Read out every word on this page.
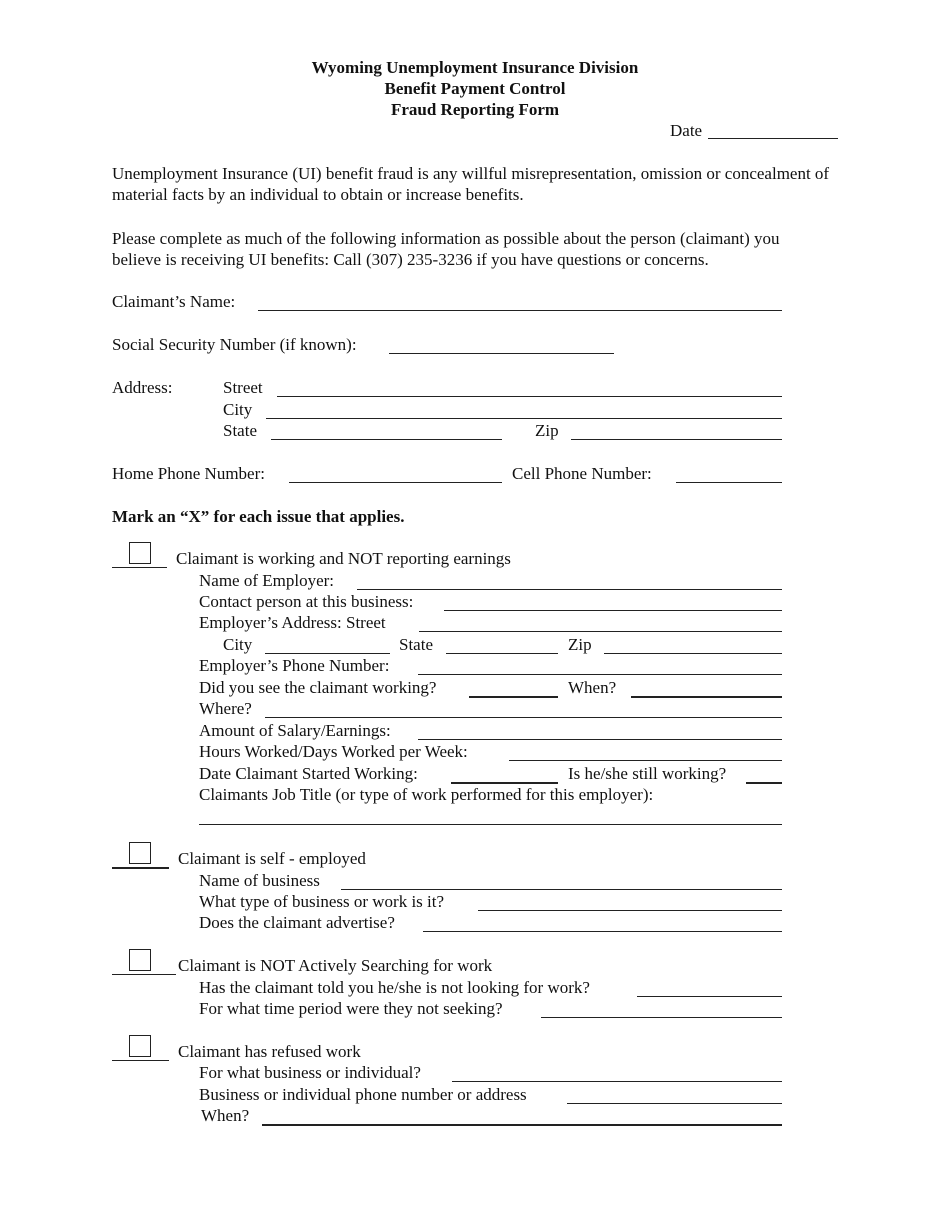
Wyoming Unemployment Insurance Division
Benefit Payment Control
Fraud Reporting Form
Date
Unemployment Insurance (UI) benefit fraud is any willful misrepresentation, omission or concealment of material facts by an individual to obtain or increase benefits.
Please complete as much of the following information as possible about the person (claimant) you believe is receiving UI benefits: Call (307) 235-3236 if you have questions or concerns.
Claimant’s Name:
Social Security Number (if known):
Address:	Street
City
State	Zip
Home Phone Number:	Cell Phone Number:
Mark an “X” for each issue that applies.
Claimant is working and NOT reporting earnings
Name of Employer:
Contact person at this business:
Employer’s Address: Street
City	State	Zip
Employer’s Phone Number:
Did you see the claimant working?	When?
Where?
Amount of Salary/Earnings:
Hours Worked/Days Worked per Week:
Date Claimant Started Working:	Is he/she still working?
Claimants Job Title (or type of work performed for this employer):
Claimant is self - employed
Name of business
What type of business or work is it?
Does the claimant advertise?
Claimant is NOT Actively Searching for work
Has the claimant told you he/she is not looking for work?
For what time period were they not seeking?
Claimant has refused work
For what business or individual?
Business or individual phone number or address
When?
